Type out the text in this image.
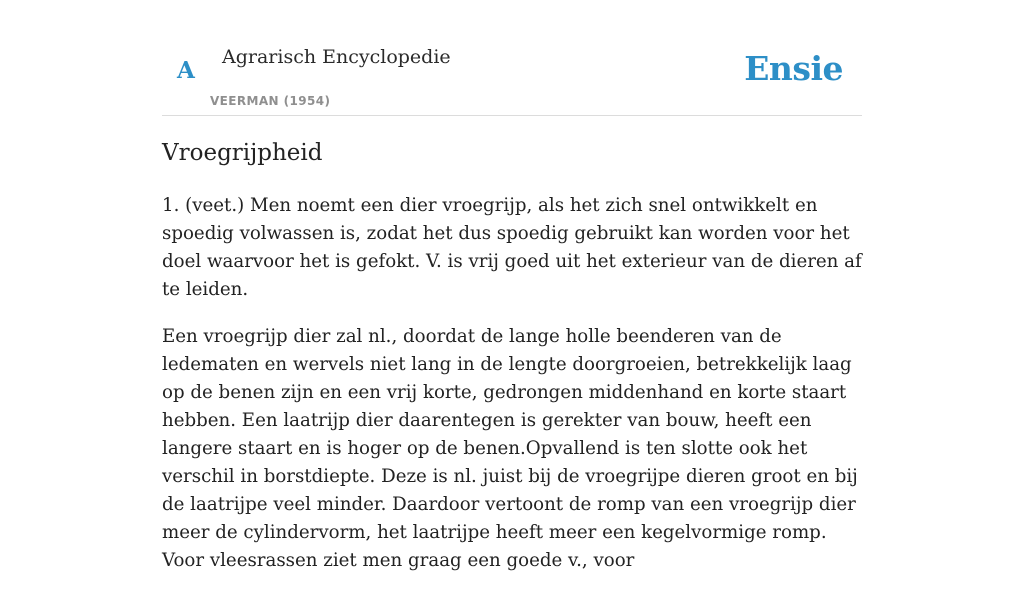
A Agrarisch Encyclopedie
VEERMAN (1954)
Ensie
Vroegrijpheid

1. (veet.) Men noemt een dier vroegrijp, als het zich snel ontwikkelt en spoedig volwassen is, zodat het dus spoedig gebruikt kan worden voor het doel waarvoor het is gefokt. V. is vrij goed uit het exterieur van de dieren af te leiden.

Een vroegrijp dier zal nl., doordat de lange holle beenderen van de ledematen en wervels niet lang in de lengte doorgroeien, betrekkelijk laag op de benen zijn en een vrij korte, gedrongen middenhand en korte staart hebben. Een laatrijp dier daarentegen is gerekter van bouw, heeft een langere staart en is hoger op de benen.Opvallend is ten slotte ook het verschil in borstdiepte. Deze is nl. juist bij de vroegrijpe dieren groot en bij de laatrijpe veel minder. Daardoor vertoont de romp van een vroegrijp dier meer de cylindervorm, het laatrijpe heeft meer een kegelvormige romp. Voor vleesrassen ziet men graag een goede v., voor
